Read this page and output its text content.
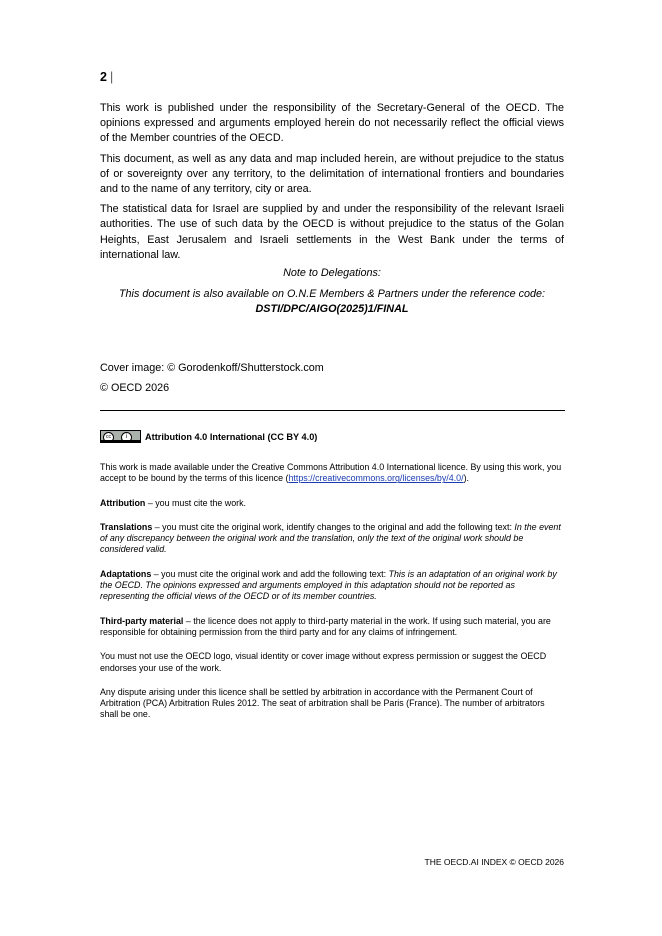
2 |

This work is published under the responsibility of the Secretary-General of the OECD. The opinions expressed and arguments employed herein do not necessarily reflect the official views of the Member countries of the OECD.

This document, as well as any data and map included herein, are without prejudice to the status of or sovereignty over any territory, to the delimitation of international frontiers and boundaries and to the name of any territory, city or area.

The statistical data for Israel are supplied by and under the responsibility of the relevant Israeli authorities. The use of such data by the OECD is without prejudice to the status of the Golan Heights, East Jerusalem and Israeli settlements in the West Bank under the terms of international law.

Note to Delegations:
This document is also available on O.N.E Members & Partners under the reference code:
DSTI/DPC/AIGO(2025)1/FINAL
Cover image: © Gorodenkoff/Shutterstock.com
© OECD 2026
cc	i	Attribution 4.0 International (CC BY 4.0)

This work is made available under the Creative Commons Attribution 4.0 International licence. By using this work, you accept to be bound by the terms of this licence (https://creativecommons.org/licenses/by/4.0/).

Attribution – you must cite the work.

Translations – you must cite the original work, identify changes to the original and add the following text: In the event of any discrepancy between the original work and the translation, only the text of the original work should be considered valid.

Adaptations – you must cite the original work and add the following text: This is an adaptation of an original work by the OECD. The opinions expressed and arguments employed in this adaptation should not be reported as representing the official views of the OECD or of its member countries.

Third-party material – the licence does not apply to third-party material in the work. If using such material, you are responsible for obtaining permission from the third party and for any claims of infringement.

You must not use the OECD logo, visual identity or cover image without express permission or suggest the OECD endorses your use of the work.

Any dispute arising under this licence shall be settled by arbitration in accordance with the Permanent Court of Arbitration (PCA) Arbitration Rules 2012. The seat of arbitration shall be Paris (France). The number of arbitrators shall be one.

THE OECD.AI INDEX © OECD 2026
